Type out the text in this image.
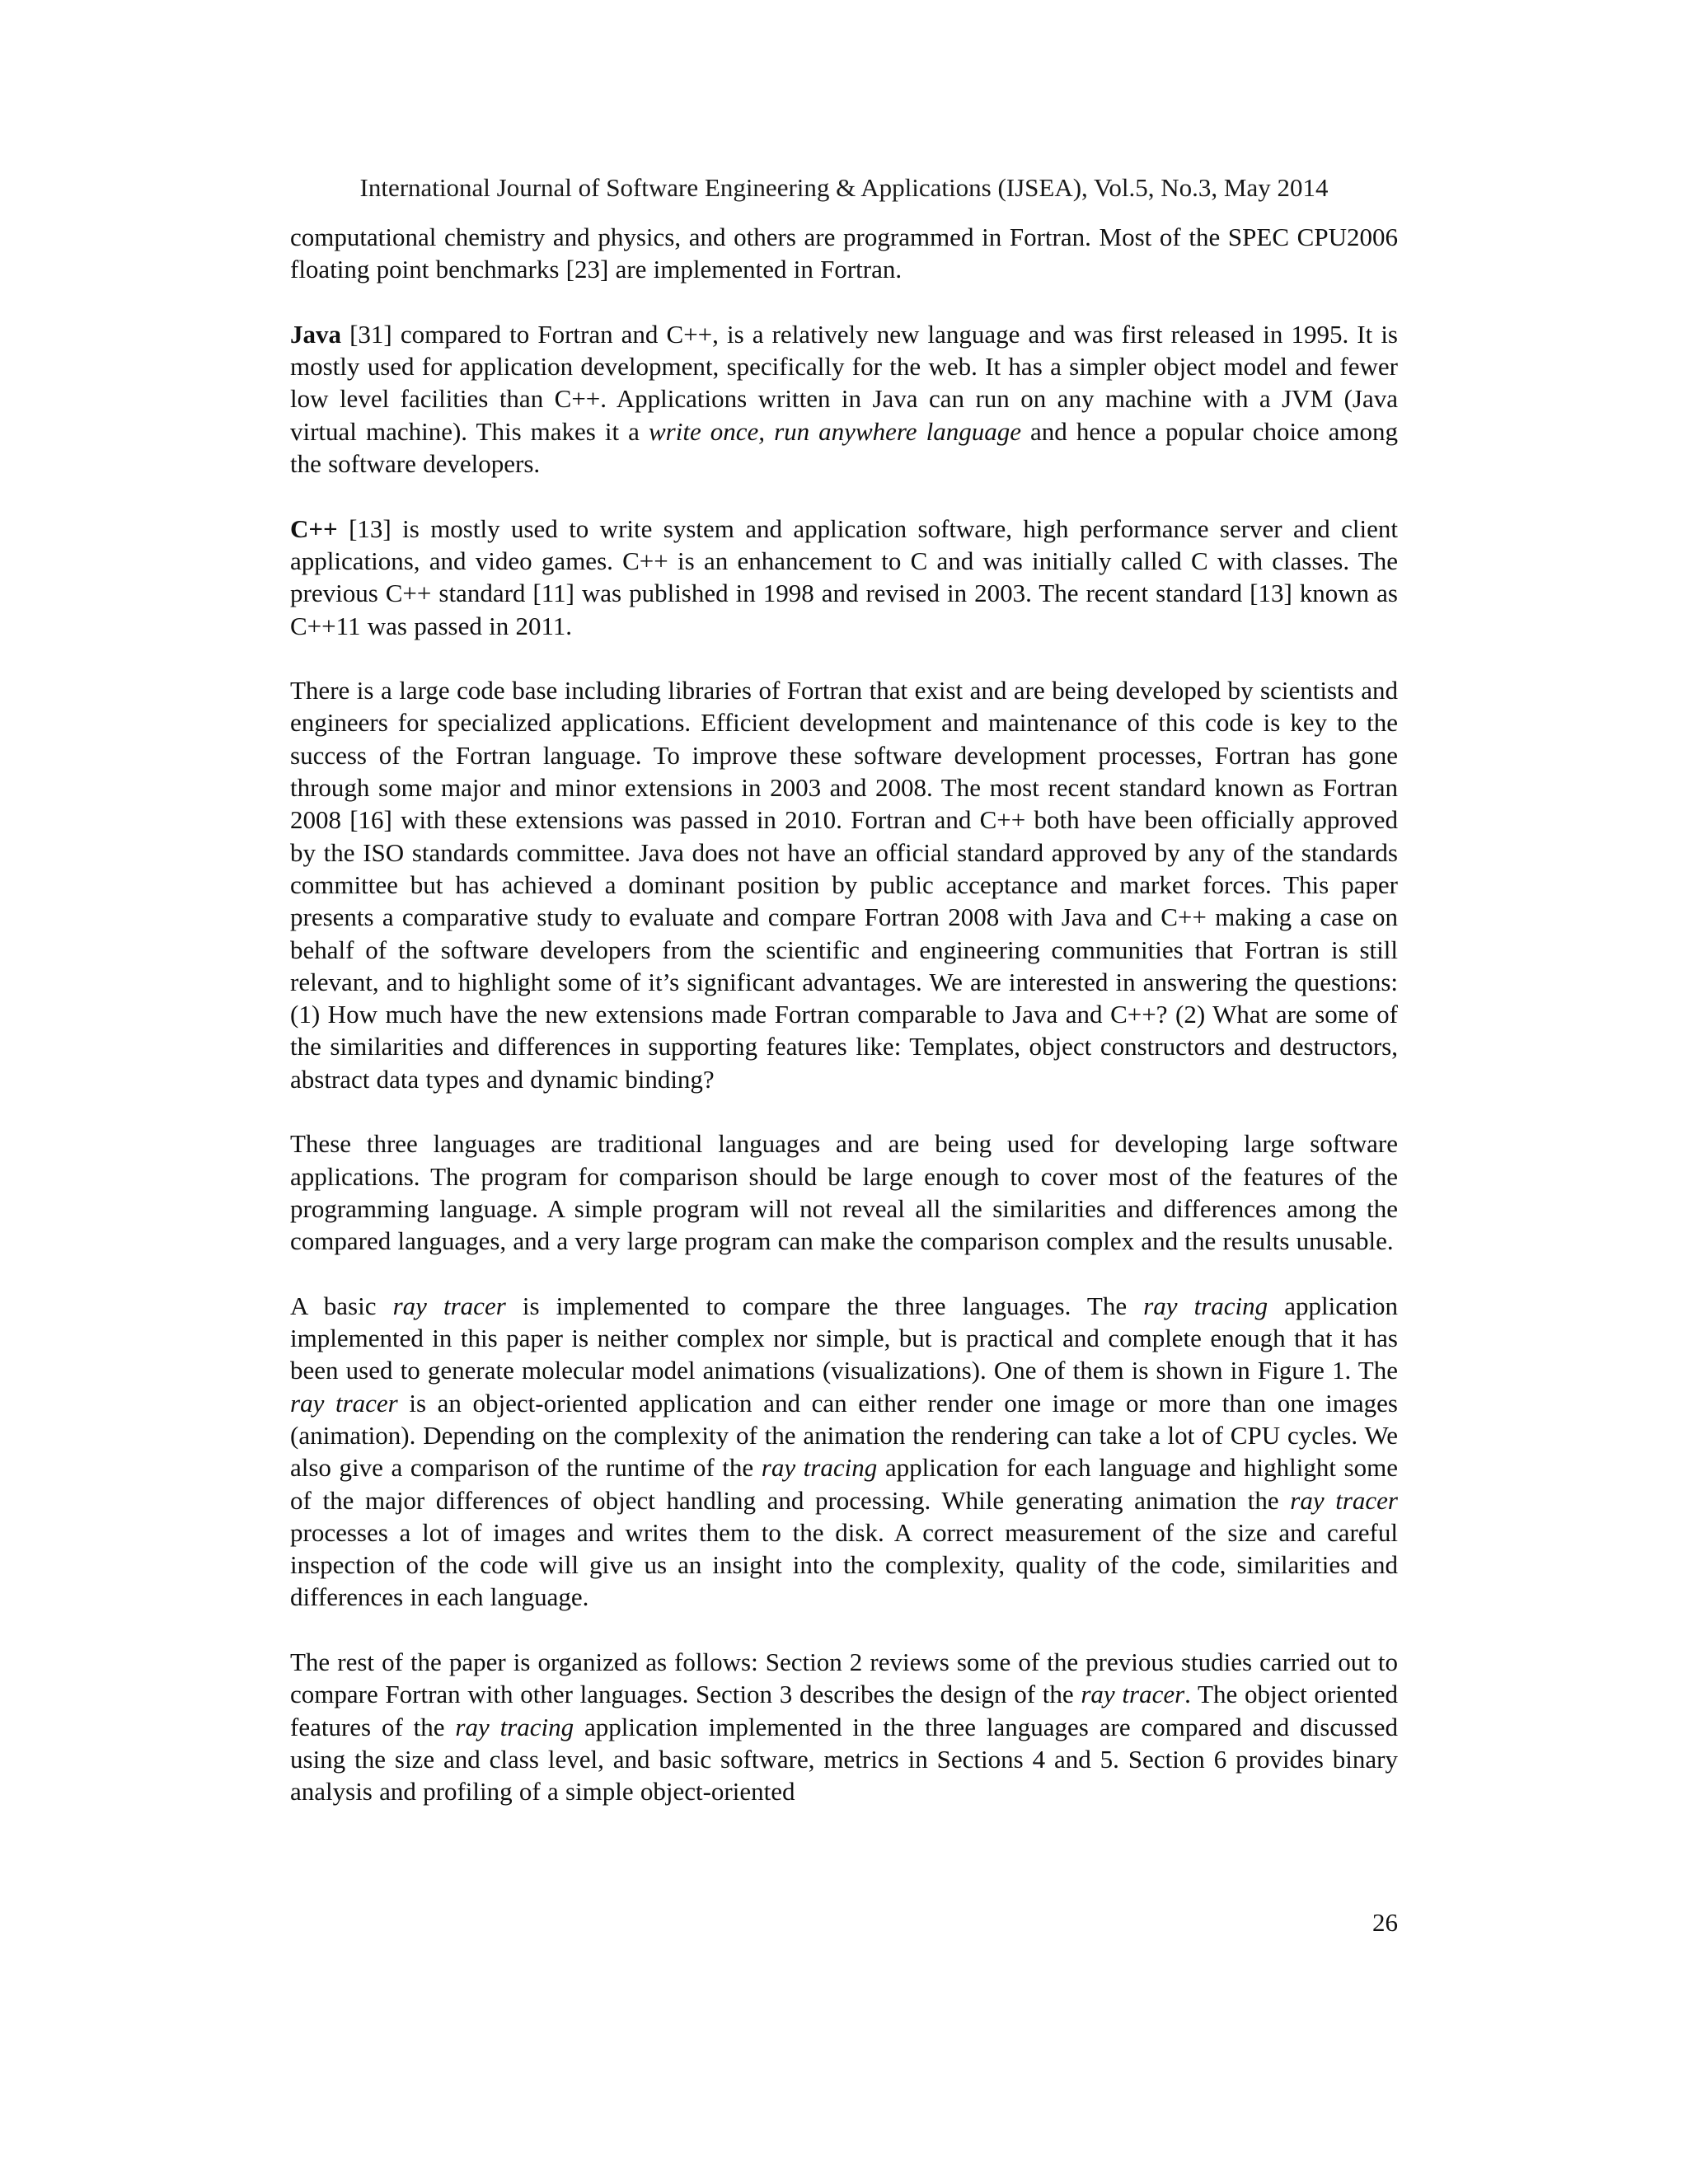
International Journal of Software Engineering & Applications (IJSEA), Vol.5, No.3, May 2014

computational chemistry and physics, and others are programmed in Fortran. Most of the SPEC CPU2006 floating point benchmarks [23] are implemented in Fortran.

Java [31] compared to Fortran and C++, is a relatively new language and was first released in 1995. It is mostly used for application development, specifically for the web. It has a simpler object model and fewer low level facilities than C++. Applications written in Java can run on any machine with a JVM (Java virtual machine). This makes it a write once, run anywhere language and hence a popular choice among the software developers.

C++ [13] is mostly used to write system and application software, high performance server and client applications, and video games. C++ is an enhancement to C and was initially called C with classes. The previous C++ standard [11] was published in 1998 and revised in 2003. The recent standard [13] known as C++11 was passed in 2011.

There is a large code base including libraries of Fortran that exist and are being developed by scientists and engineers for specialized applications. Efficient development and maintenance of this code is key to the success of the Fortran language. To improve these software development processes, Fortran has gone through some major and minor extensions in 2003 and 2008. The most recent standard known as Fortran 2008 [16] with these extensions was passed in 2010. Fortran and C++ both have been officially approved by the ISO standards committee. Java does not have an official standard approved by any of the standards committee but has achieved a dominant position by public acceptance and market forces. This paper presents a comparative study to evaluate and compare Fortran 2008 with Java and C++ making a case on behalf of the software developers from the scientific and engineering communities that Fortran is still relevant, and to highlight some of it’s significant advantages. We are interested in answering the questions: (1) How much have the new extensions made Fortran comparable to Java and C++? (2) What are some of the similarities and differences in supporting features like: Templates, object constructors and destructors, abstract data types and dynamic binding?

These three languages are traditional languages and are being used for developing large software applications. The program for comparison should be large enough to cover most of the features of the programming language. A simple program will not reveal all the similarities and differences among the compared languages, and a very large program can make the comparison complex and the results unusable.

A basic ray tracer is implemented to compare the three languages. The ray tracing application implemented in this paper is neither complex nor simple, but is practical and complete enough that it has been used to generate molecular model animations (visualizations). One of them is shown in Figure 1. The ray tracer is an object-oriented application and can either render one image or more than one images (animation). Depending on the complexity of the animation the rendering can take a lot of CPU cycles. We also give a comparison of the runtime of the ray tracing application for each language and highlight some of the major differences of object handling and processing. While generating animation the ray tracer processes a lot of images and writes them to the disk. A correct measurement of the size and careful inspection of the code will give us an insight into the complexity, quality of the code, similarities and differences in each language.

The rest of the paper is organized as follows: Section 2 reviews some of the previous studies carried out to compare Fortran with other languages. Section 3 describes the design of the ray tracer. The object oriented features of the ray tracing application implemented in the three languages are compared and discussed using the size and class level, and basic software, metrics in Sections 4 and 5. Section 6 provides binary analysis and profiling of a simple object-oriented

26
